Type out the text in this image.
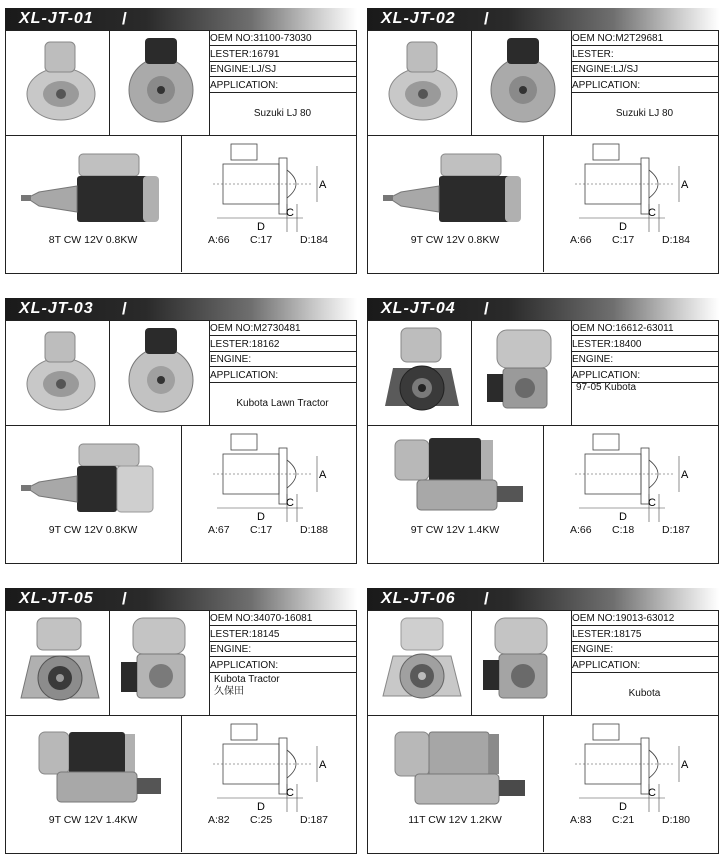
XL-JT-01 /
OEM NO:31100-73030
LESTER:16791
ENGINE:LJ/SJ
APPLICATION:
Suzuki LJ 80
8T CW 12V 0.8KW
A
C
D
A:66 C:17	D:184
XL-JT-02 /
OEM NO:M2T29681
LESTER:
ENGINE:LJ/SJ
APPLICATION:
Suzuki LJ 80
9T CW 12V 0.8KW
A
C
D
A:66 C:17	D:184
XL-JT-03 /
OEM NO:M2730481
LESTER:18162
ENGINE:
APPLICATION:
Kubota Lawn Tractor
9T CW 12V 0.8KW
A
C
D
A:67 C:17	D:188
XL-JT-04 /
OEM NO:16612-63011
LESTER:18400
ENGINE:
APPLICATION:
97-05 Kubota
9T CW 12V 1.4KW
A
C
D
A:66 C:18	D:187
XL-JT-05 /
OEM NO:34070-16081
LESTER:18145
ENGINE:
APPLICATION:
Kubota Tractor
久保田
9T CW 12V 1.4KW
A
C
D
A:82 C:25	D:187
XL-JT-06 /
OEM NO:19013-63012
LESTER:18175
ENGINE:
APPLICATION:
Kubota
11T CW 12V 1.2KW
A
C
D
A:83 C:21	D:180
